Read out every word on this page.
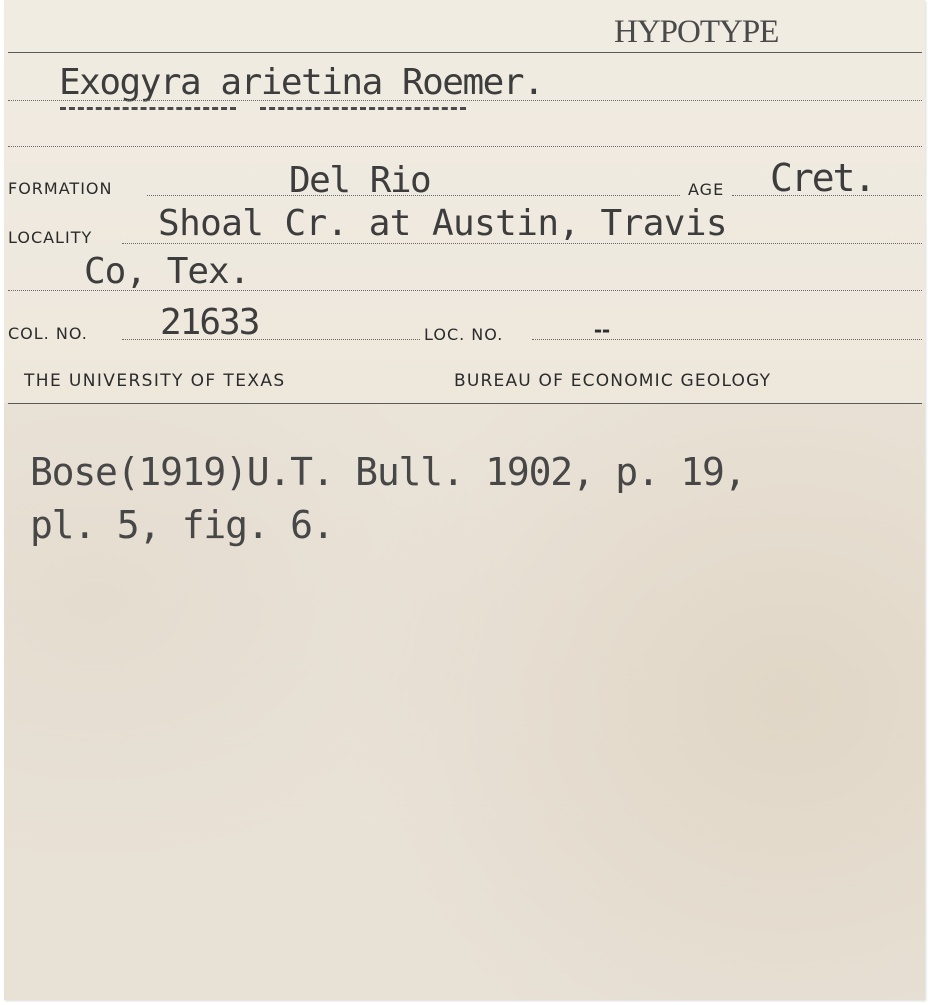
HYPOTYPE

Exogyra arietina Roemer.

FORMATION	Del Rio	AGE Cret.

LOCALITY Shoal Cr. at Austin, Travis

Co, Tex.

COL. NO. 21633	LOC. NO.	--

THE UNIVERSITY OF TEXAS	BUREAU OF ECONOMIC GEOLOGY

Bose(1919)U.T. Bull. 1902, p. 19,

pl. 5, fig. 6.
